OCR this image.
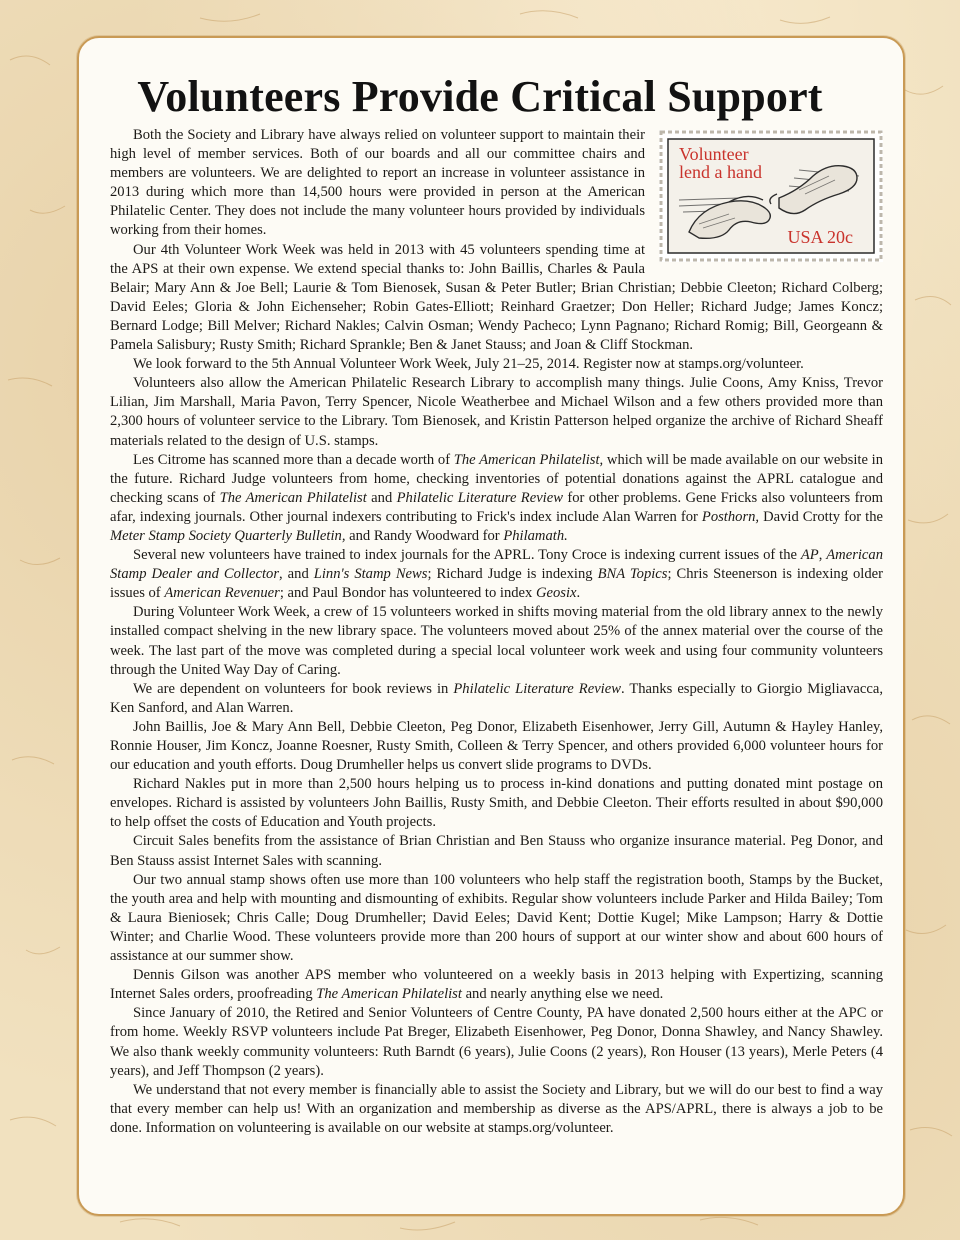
Volunteers Provide Critical Support
Volunteer
lend a hand
USA 20c

Both the Society and Library have always relied on volunteer support to maintain their high level of member services. Both of our boards and all our committee chairs and members are volunteers. We are delighted to report an increase in volunteer assistance in 2013 during which more than 14,500 hours were provided in person at the American Philatelic Center. They does not include the many volunteer hours provided by individuals working from their homes.

Our 4th Volunteer Work Week was held in 2013 with 45 volunteers spending time at the APS at their own expense. We extend special thanks to: John Baillis, Charles & Paula Belair; Mary Ann & Joe Bell; Laurie & Tom Bienosek, Susan & Peter Butler; Brian Christian; Debbie Cleeton; Richard Colberg; David Eeles; Gloria & John Eichenseher; Robin Gates-Elliott; Reinhard Graetzer; Don Heller; Richard Judge; James Koncz; Bernard Lodge; Bill Melver; Richard Nakles; Calvin Osman; Wendy Pacheco; Lynn Pagnano; Richard Romig; Bill, Georgeann & Pamela Salisbury; Rusty Smith; Richard Sprankle; Ben & Janet Stauss; and Joan & Cliff Stockman.

We look forward to the 5th Annual Volunteer Work Week, July 21–25, 2014. Register now at stamps.org/volunteer.

Volunteers also allow the American Philatelic Research Library to accomplish many things. Julie Coons, Amy Kniss, Trevor Lilian, Jim Marshall, Maria Pavon, Terry Spencer, Nicole Weatherbee and Michael Wilson and a few others provided more than 2,300 hours of volunteer service to the Library. Tom Bienosek, and Kristin Patterson helped organize the archive of Richard Sheaff materials related to the design of U.S. stamps.

Les Citrome has scanned more than a decade worth of The American Philatelist, which will be made available on our website in the future. Richard Judge volunteers from home, checking inventories of potential donations against the APRL catalogue and checking scans of The American Philatelist and Philatelic Literature Review for other problems. Gene Fricks also volunteers from afar, indexing journals. Other journal indexers contributing to Frick's index include Alan Warren for Posthorn, David Crotty for the Meter Stamp Society Quarterly Bulletin, and Randy Woodward for Philamath.

Several new volunteers have trained to index journals for the APRL. Tony Croce is indexing current issues of the AP, American Stamp Dealer and Collector, and Linn's Stamp News; Richard Judge is indexing BNA Topics; Chris Steenerson is indexing older issues of American Revenuer; and Paul Bondor has volunteered to index Geosix.

During Volunteer Work Week, a crew of 15 volunteers worked in shifts moving material from the old library annex to the newly installed compact shelving in the new library space. The volunteers moved about 25% of the annex material over the course of the week. The last part of the move was completed during a special local volunteer work week and using four community volunteers through the United Way Day of Caring.

We are dependent on volunteers for book reviews in Philatelic Literature Review. Thanks especially to Giorgio Migliavacca, Ken Sanford, and Alan Warren.

John Baillis, Joe & Mary Ann Bell, Debbie Cleeton, Peg Donor, Elizabeth Eisenhower, Jerry Gill, Autumn & Hayley Hanley, Ronnie Houser, Jim Koncz, Joanne Roesner, Rusty Smith, Colleen & Terry Spencer, and others provided 6,000 volunteer hours for our education and youth efforts. Doug Drumheller helps us convert slide programs to DVDs.

Richard Nakles put in more than 2,500 hours helping us to process in-kind donations and putting donated mint postage on envelopes. Richard is assisted by volunteers John Baillis, Rusty Smith, and Debbie Cleeton. Their efforts resulted in about $90,000 to help offset the costs of Education and Youth projects.

Circuit Sales benefits from the assistance of Brian Christian and Ben Stauss who organize insurance material. Peg Donor, and Ben Stauss assist Internet Sales with scanning.

Our two annual stamp shows often use more than 100 volunteers who help staff the registration booth, Stamps by the Bucket, the youth area and help with mounting and dismounting of exhibits. Regular show volunteers include Parker and Hilda Bailey; Tom & Laura Bieniosek; Chris Calle; Doug Drumheller; David Eeles; David Kent; Dottie Kugel; Mike Lampson; Harry & Dottie Winter; and Charlie Wood. These volunteers provide more than 200 hours of support at our winter show and about 600 hours of assistance at our summer show.

Dennis Gilson was another APS member who volunteered on a weekly basis in 2013 helping with Expertizing, scanning Internet Sales orders, proofreading The American Philatelist and nearly anything else we need.

Since January of 2010, the Retired and Senior Volunteers of Centre County, PA have donated 2,500 hours either at the APC or from home. Weekly RSVP volunteers include Pat Breger, Elizabeth Eisenhower, Peg Donor, Donna Shawley, and Nancy Shawley. We also thank weekly community volunteers: Ruth Barndt (6 years), Julie Coons (2 years), Ron Houser (13 years), Merle Peters (4 years), and Jeff Thompson (2 years).

We understand that not every member is financially able to assist the Society and Library, but we will do our best to find a way that every member can help us! With an organization and membership as diverse as the APS/APRL, there is always a job to be done. Information on volunteering is available on our website at stamps.org/volunteer.
